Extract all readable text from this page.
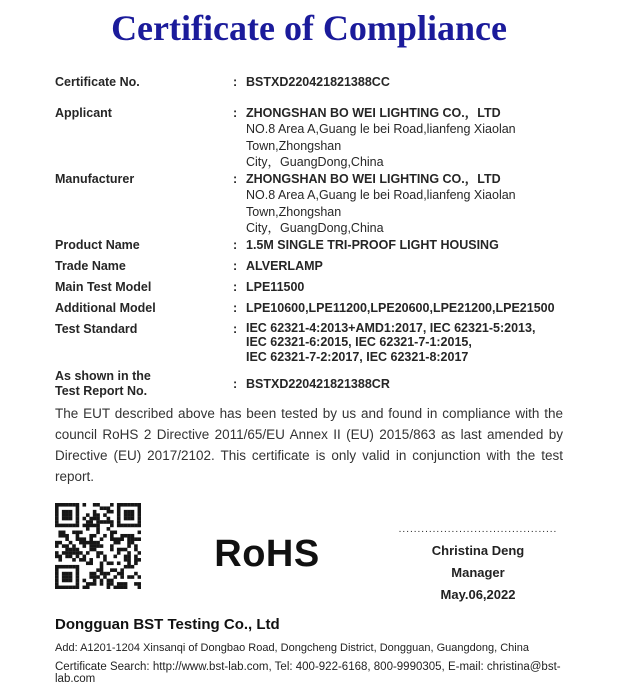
Certificate of Compliance
Certificate No.	: BSTXD220421821388CC
Applicant	: ZHONGSHAN BO WEI LIGHTING CO.，LTD
NO.8 Area A,Guang le bei Road,lianfeng Xiaolan Town,Zhongshan
City，GuangDong,China
Manufacturer	: ZHONGSHAN BO WEI LIGHTING CO.，LTD
NO.8 Area A,Guang le bei Road,lianfeng Xiaolan Town,Zhongshan
City，GuangDong,China
Product Name	: 1.5M SINGLE TRI-PROOF LIGHT HOUSING
Trade Name	: ALVERLAMP
Main Test Model	: LPE11500
Additional Model	: LPE10600,LPE11200,LPE20600,LPE21200,LPE21500
Test Standard	: IEC 62321-4:2013+AMD1:2017, IEC 62321-5:2013,
IEC 62321-6:2015, IEC 62321-7-1:2015,
IEC 62321-7-2:2017, IEC 62321-8:2017
As shown in the
Test Report No.
: BSTXD220421821388CR
The EUT described above has been tested by us and found in compliance with the council RoHS 2 Directive 2011/65/EU Annex II (EU) 2015/863 as last amended by Directive (EU) 2017/2102. This certificate is only valid in conjunction with the test report.
RoHS
..........................................
Christina Deng
Manager
May.06,2022
Dongguan BST Testing Co., Ltd
Add: A1201-1204 Xinsanqi of Dongbao Road, Dongcheng District, Dongguan, Guangdong, China
Certificate Search: http://www.bst-lab.com, Tel: 400-922-6168, 800-9990305, E-mail: christina@bst-lab.com
